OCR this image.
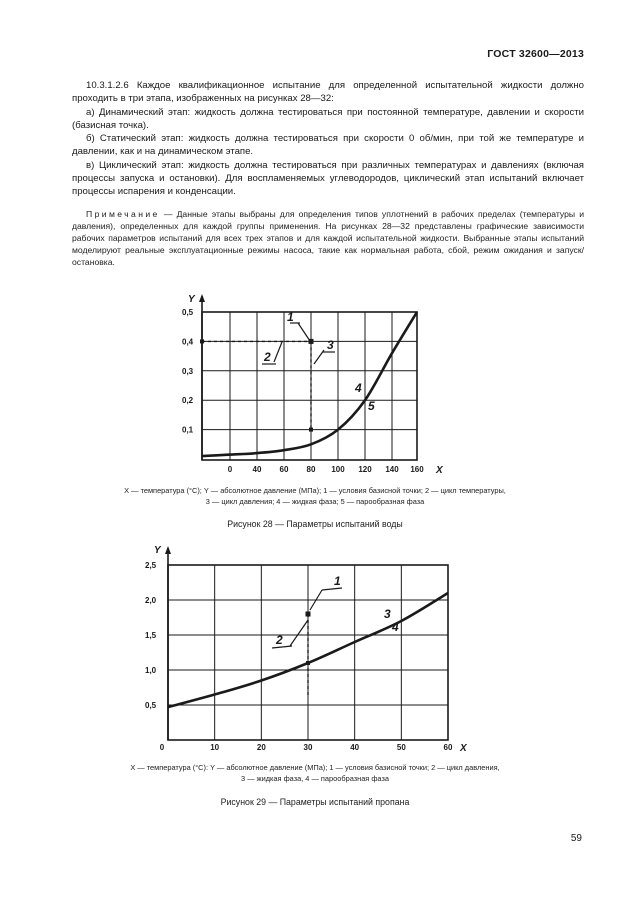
ГОСТ 32600—2013

10.3.1.2.6 Каждое квалификационное испытание для определенной испытательной жидкости должно проходить в три этапа, изображенных на рисунках 28—32:

а) Динамический этап: жидкость должна тестироваться при постоянной температуре, давлении и скорости (базисная точка).

б) Статический этап: жидкость должна тестироваться при скорости 0 об/мин, при той же температуре и давлении, как и на динамическом этапе.

в) Циклический этап: жидкость должна тестироваться при различных температурах и давлениях (включая процессы запуска и остановки). Для воспламеняемых углеводородов, циклический этап испытаний включает процессы испарения и конденсации.

Примечание — Данные этапы выбраны для определения типов уплотнений в рабочих пределах (температуры и давления), определенных для каждой группы применения. На рисунках 28—32 представлены графические зависимости рабочих параметров испытаний для всех трех этапов и для каждой испытательной жидкости. Выбранные этапы испытаний моделируют реальные эксплуатационные режимы насоса, такие как нормальная работа, сбой, режим ожидания и запуск/остановка.

Y
0,1
0,2
0,3
0,4
0,5
0	40 60 80 100 120 140 160 X
1
2
3
4
5
X — температура (°С); Y — абсолютное давление (МПа); 1 — условия базисной точки; 2 — цикл температуры,
3 — цикл давления; 4 — жидкая фаза; 5 — парообразная фаза
Рисунок 28 — Параметры испытаний воды
Y
0,5
1,0
1,5
2,0
2,5
0	10	20	30	40	50	60 X
1
2
3
4
X — температура (°С): Y — абсолютное давление (МПа); 1 — условия базисной точки; 2 — цикл давления,
3 — жидкая фаза, 4 — парообразная фаза
Рисунок 29 — Параметры испытаний пропана
59
